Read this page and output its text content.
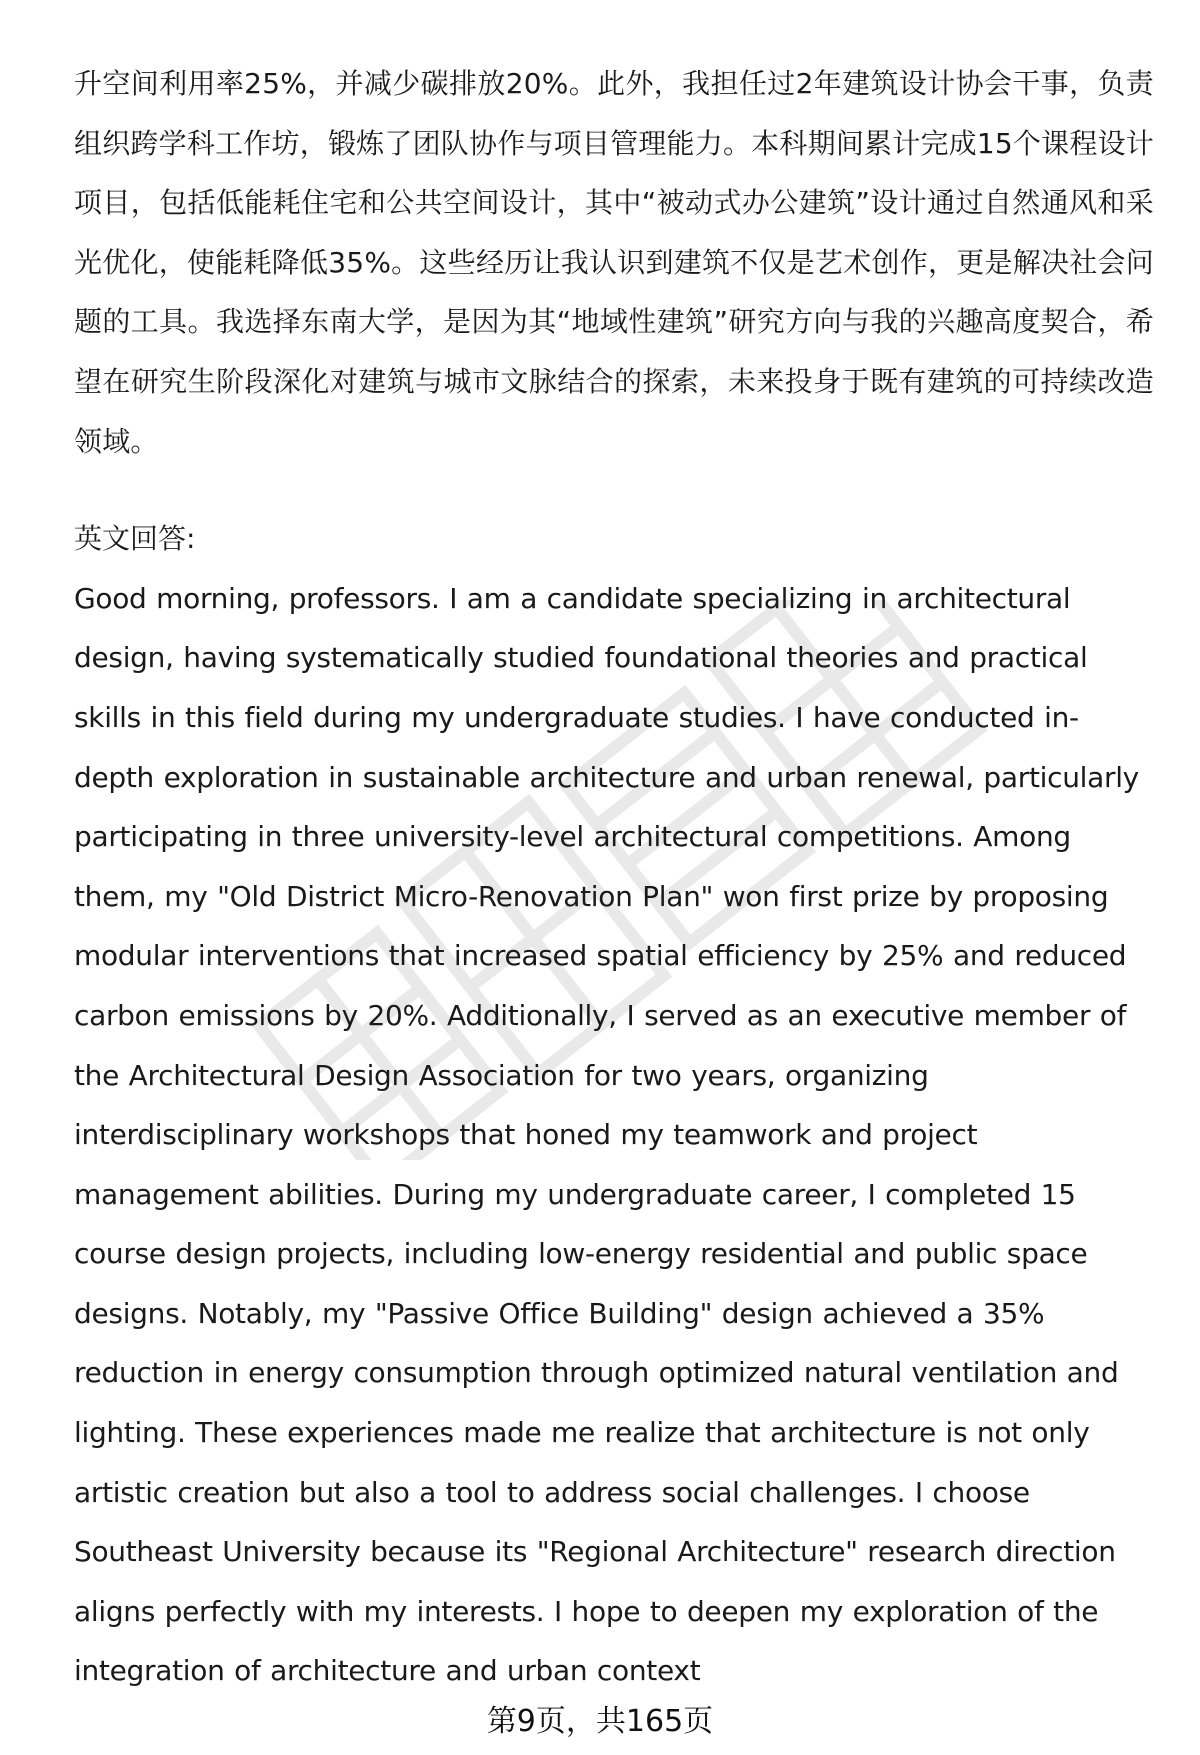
升空间利用率25%，并减少碳排放20%。此外，我担任过2年建筑设计协会干事，负责组织跨学科工作坊，锻炼了团队协作与项目管理能力。本科期间累计完成15个课程设计项目，包括低能耗住宅和公共空间设计，其中“被动式办公建筑”设计通过自然通风和采光优化，使能耗降低35%。这些经历让我认识到建筑不仅是艺术创作，更是解决社会问题的工具。我选择东南大学，是因为其“地域性建筑”研究方向与我的兴趣高度契合，希望在研究生阶段深化对建筑与城市文脉结合的探索，未来投身于既有建筑的可持续改造领域。

英文回答:

Good morning, professors. I am a candidate specializing in architectural design, having systematically studied foundational theories and practical skills in this field during my undergraduate studies. I have conducted in-depth exploration in sustainable architecture and urban renewal, particularly participating in three university-level architectural competitions. Among them, my "Old District Micro-Renovation Plan" won first prize by proposing modular interventions that increased spatial efficiency by 25% and reduced carbon emissions by 20%. Additionally, I served as an executive member of the Architectural Design Association for two years, organizing interdisciplinary workshops that honed my teamwork and project management abilities. During my undergraduate career, I completed 15 course design projects, including low-energy residential and public space designs. Notably, my "Passive Office Building" design achieved a 35% reduction in energy consumption through optimized natural ventilation and lighting. These experiences made me realize that architecture is not only artistic creation but also a tool to address social challenges. I choose Southeast University because its "Regional Architecture" research direction aligns perfectly with my interests. I hope to deepen my exploration of the integration of architecture and urban context

第9页，共165页
